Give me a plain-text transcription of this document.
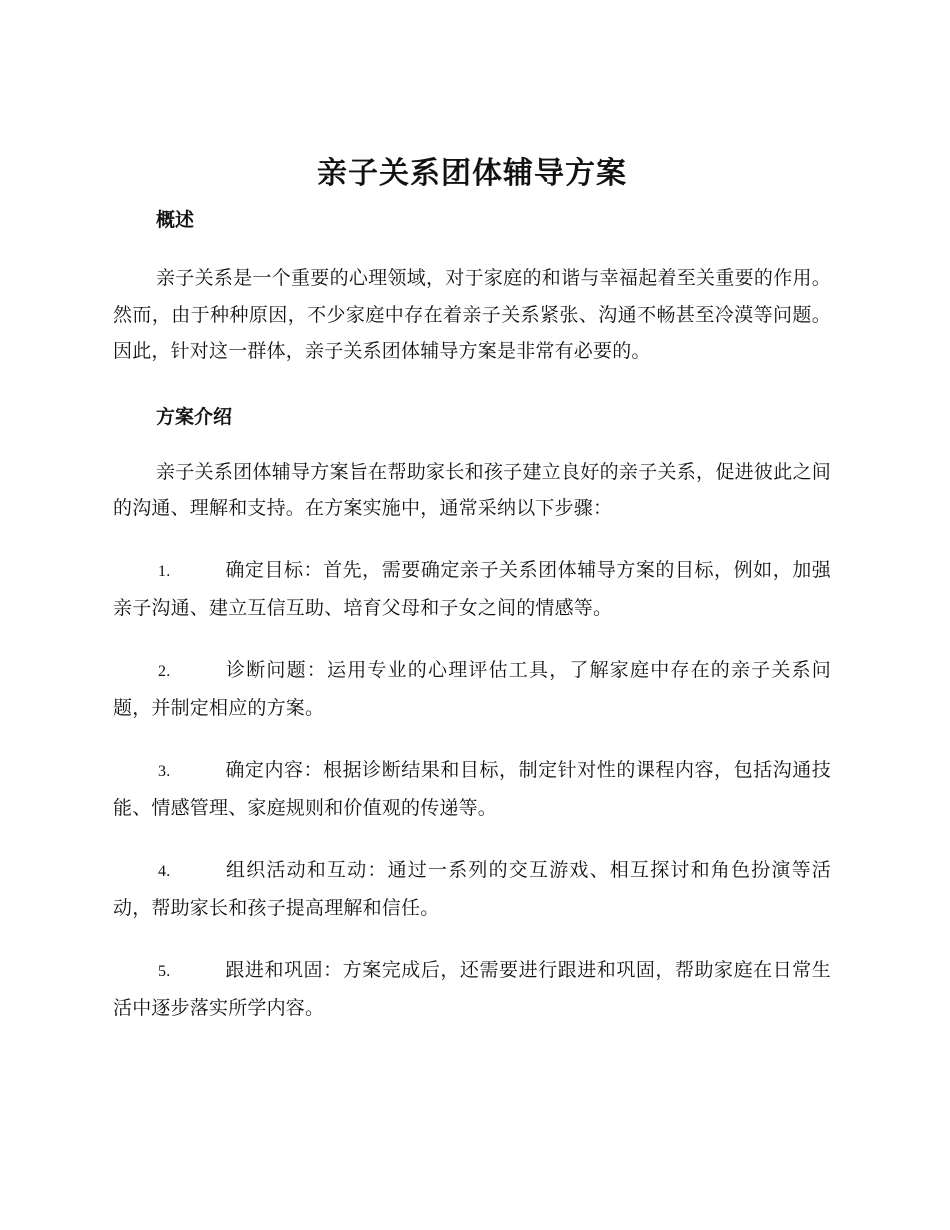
亲子关系团体辅导方案
概述

亲子关系是一个重要的心理领域，对于家庭的和谐与幸福起着至关重要的作用。然而，由于种种原因，不少家庭中存在着亲子关系紧张、沟通不畅甚至冷漠等问题。因此，针对这一群体，亲子关系团体辅导方案是非常有必要的。

方案介绍

亲子关系团体辅导方案旨在帮助家长和孩子建立良好的亲子关系，促进彼此之间的沟通、理解和支持。在方案实施中，通常采纳以下步骤：

1.	确定目标：首先，需要确定亲子关系团体辅导方案的目标，例如，加强亲子沟通、建立互信互助、培育父母和子女之间的情感等。
2.	诊断问题：运用专业的心理评估工具，了解家庭中存在的亲子关系问题，并制定相应的方案。
3.	确定内容：根据诊断结果和目标，制定针对性的课程内容，包括沟通技能、情感管理、家庭规则和价值观的传递等。
4.	组织活动和互动：通过一系列的交互游戏、相互探讨和角色扮演等活动，帮助家长和孩子提高理解和信任。
5.	跟进和巩固：方案完成后，还需要进行跟进和巩固，帮助家庭在日常生活中逐步落实所学内容。
